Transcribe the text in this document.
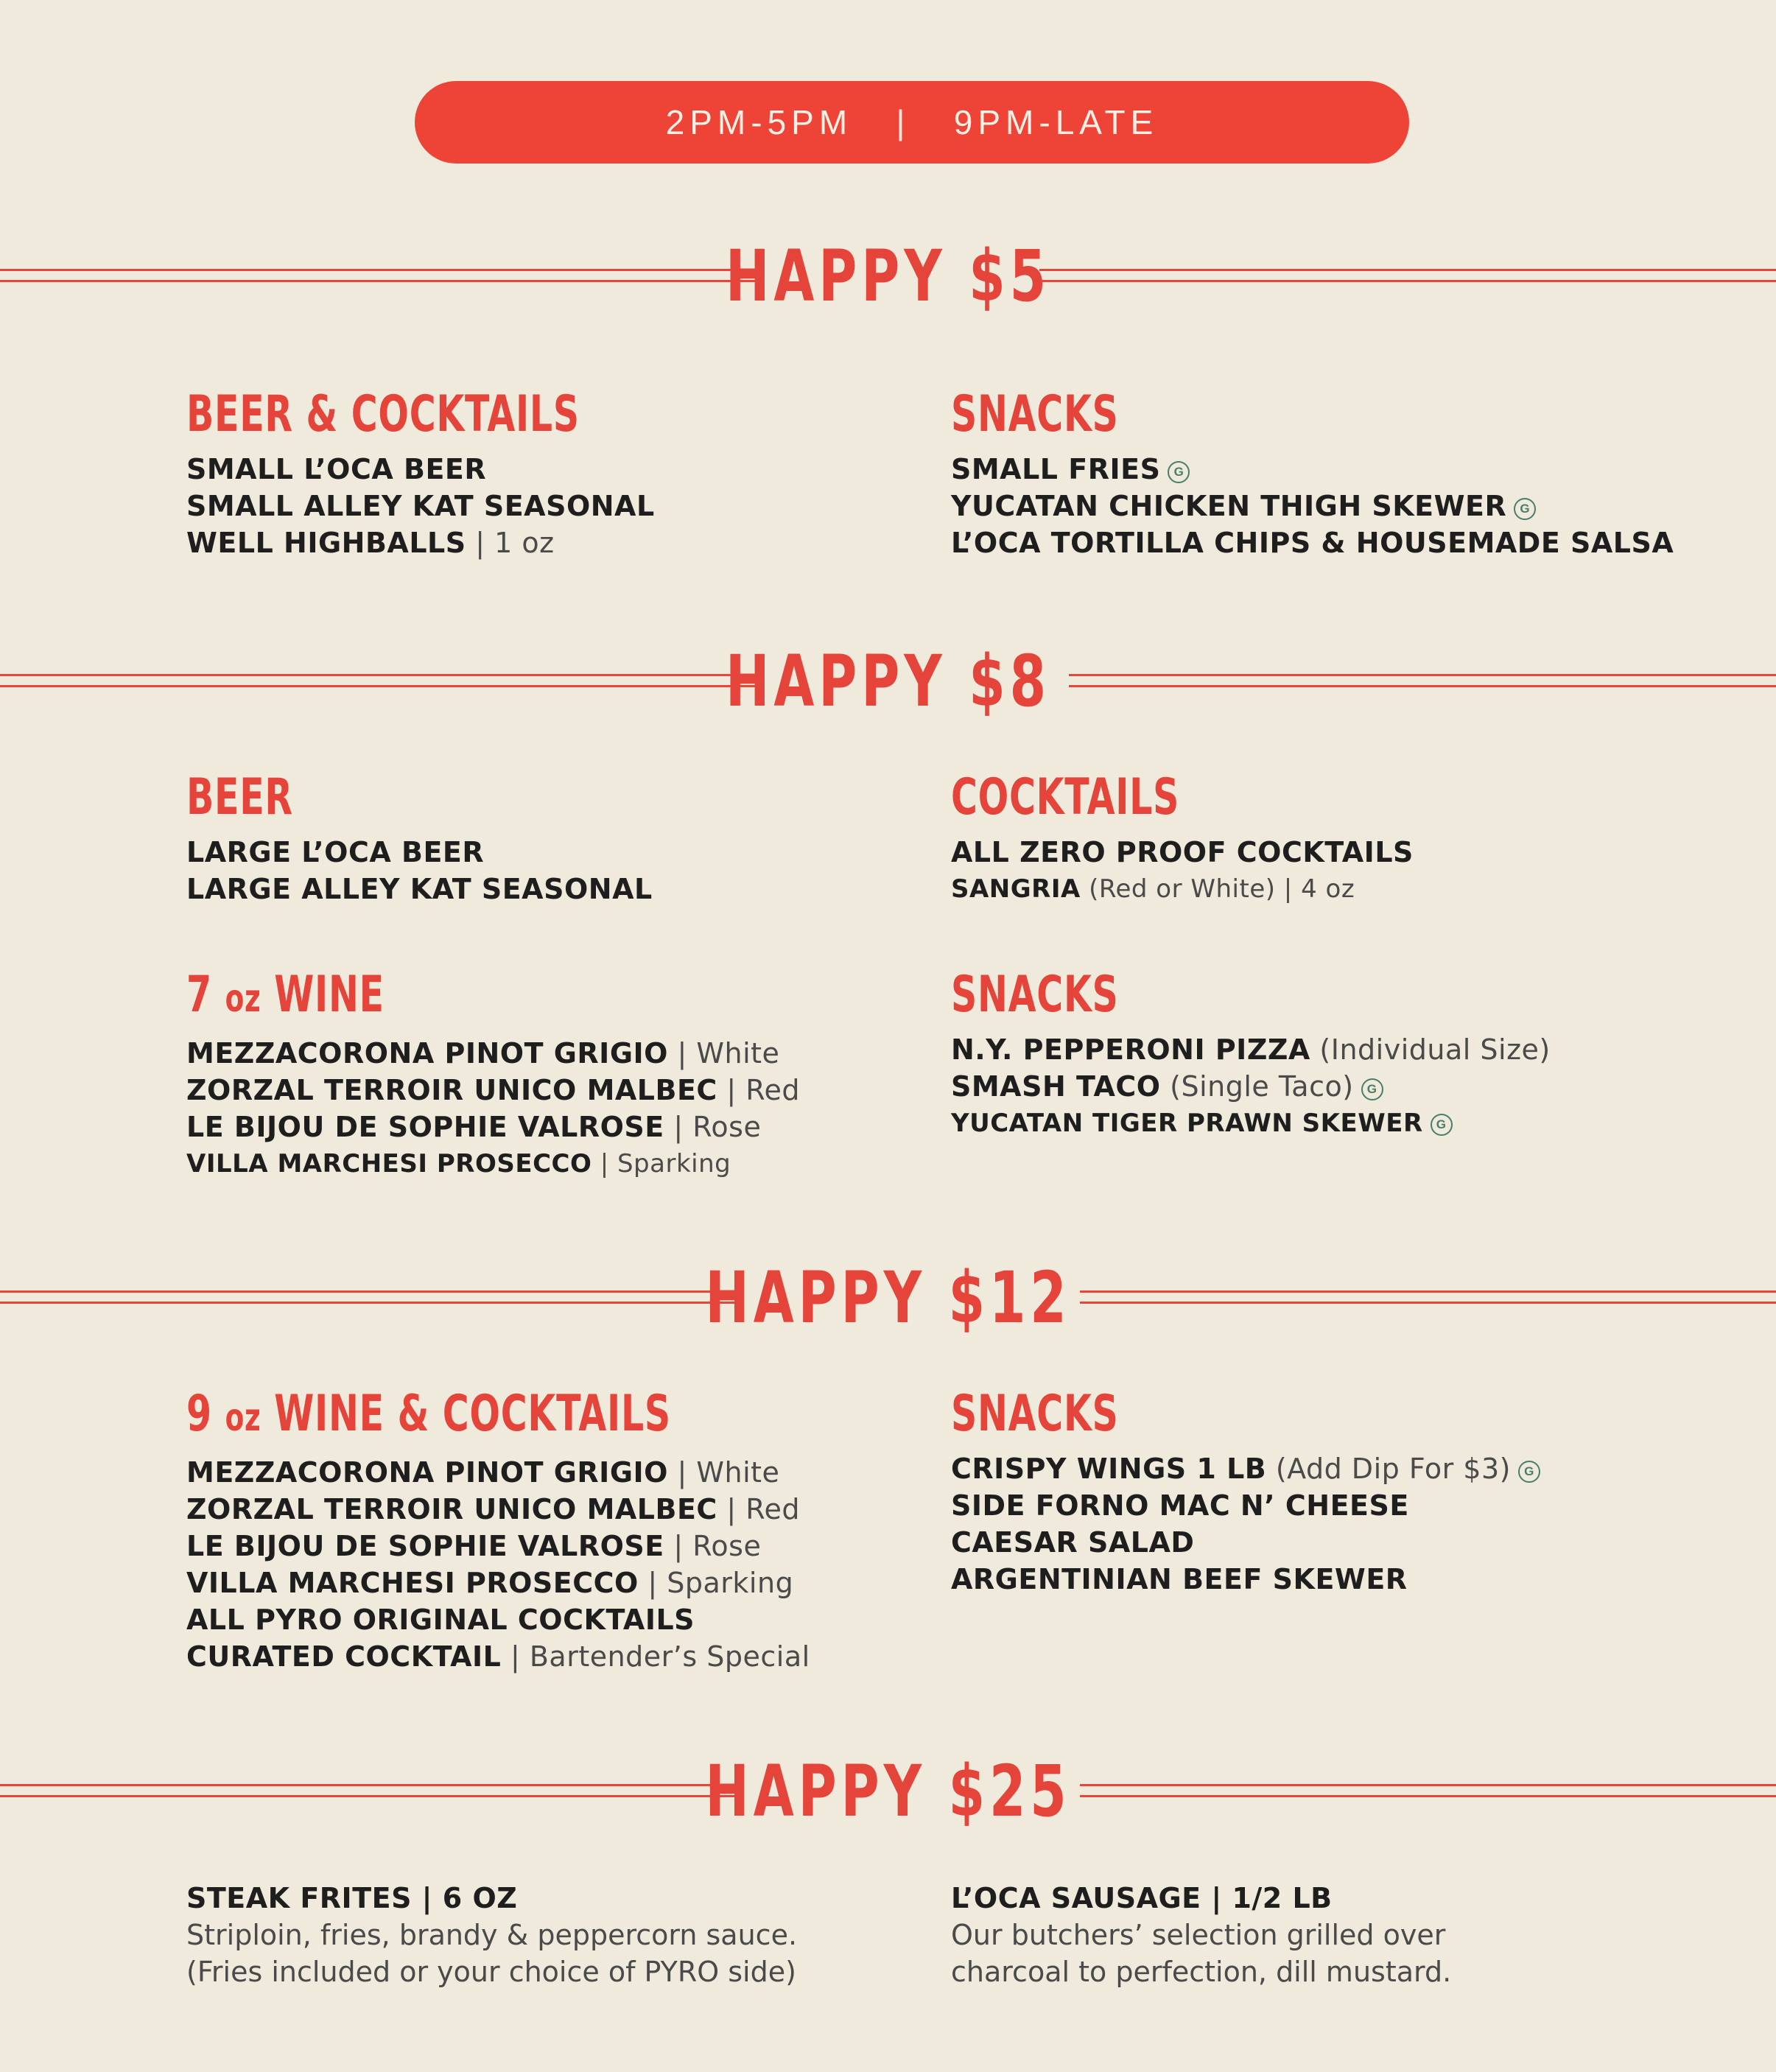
2PM-5PM   |   9PM-LATE
HAPPY $5
BEER & COCKTAILS
SMALL L’OCA BEER
SMALL ALLEY KAT SEASONAL
WELL HIGHBALLS | 1 oz
SNACKS
SMALL FRIES G
YUCATAN CHICKEN THIGH SKEWER G
L’OCA TORTILLA CHIPS & HOUSEMADE SALSA
HAPPY $8
BEER
LARGE L’OCA BEER
LARGE ALLEY KAT SEASONAL
COCKTAILS
ALL ZERO PROOF COCKTAILS
SANGRIA (Red or White) | 4 oz
7 oz WINE
MEZZACORONA PINOT GRIGIO | White
ZORZAL TERROIR UNICO MALBEC | Red
LE BIJOU DE SOPHIE VALROSE | Rose
VILLA MARCHESI PROSECCO | Sparking
SNACKS
N.Y. PEPPERONI PIZZA (Individual Size)
SMASH TACO (Single Taco) G
YUCATAN TIGER PRAWN SKEWER G
HAPPY $12
9 oz WINE & COCKTAILS
MEZZACORONA PINOT GRIGIO | White
ZORZAL TERROIR UNICO MALBEC | Red
LE BIJOU DE SOPHIE VALROSE | Rose
VILLA MARCHESI PROSECCO | Sparking
ALL PYRO ORIGINAL COCKTAILS
CURATED COCKTAIL | Bartender’s Special
SNACKS
CRISPY WINGS 1 LB (Add Dip For $3) G
SIDE FORNO MAC N’ CHEESE
CAESAR SALAD
ARGENTINIAN BEEF SKEWER
HAPPY $25
STEAK FRITES | 6 OZ
Striploin, fries, brandy & peppercorn sauce.
(Fries included or your choice of PYRO side)
L’OCA SAUSAGE | 1/2 LB
Our butchers’ selection grilled over
charcoal to perfection, dill mustard.
